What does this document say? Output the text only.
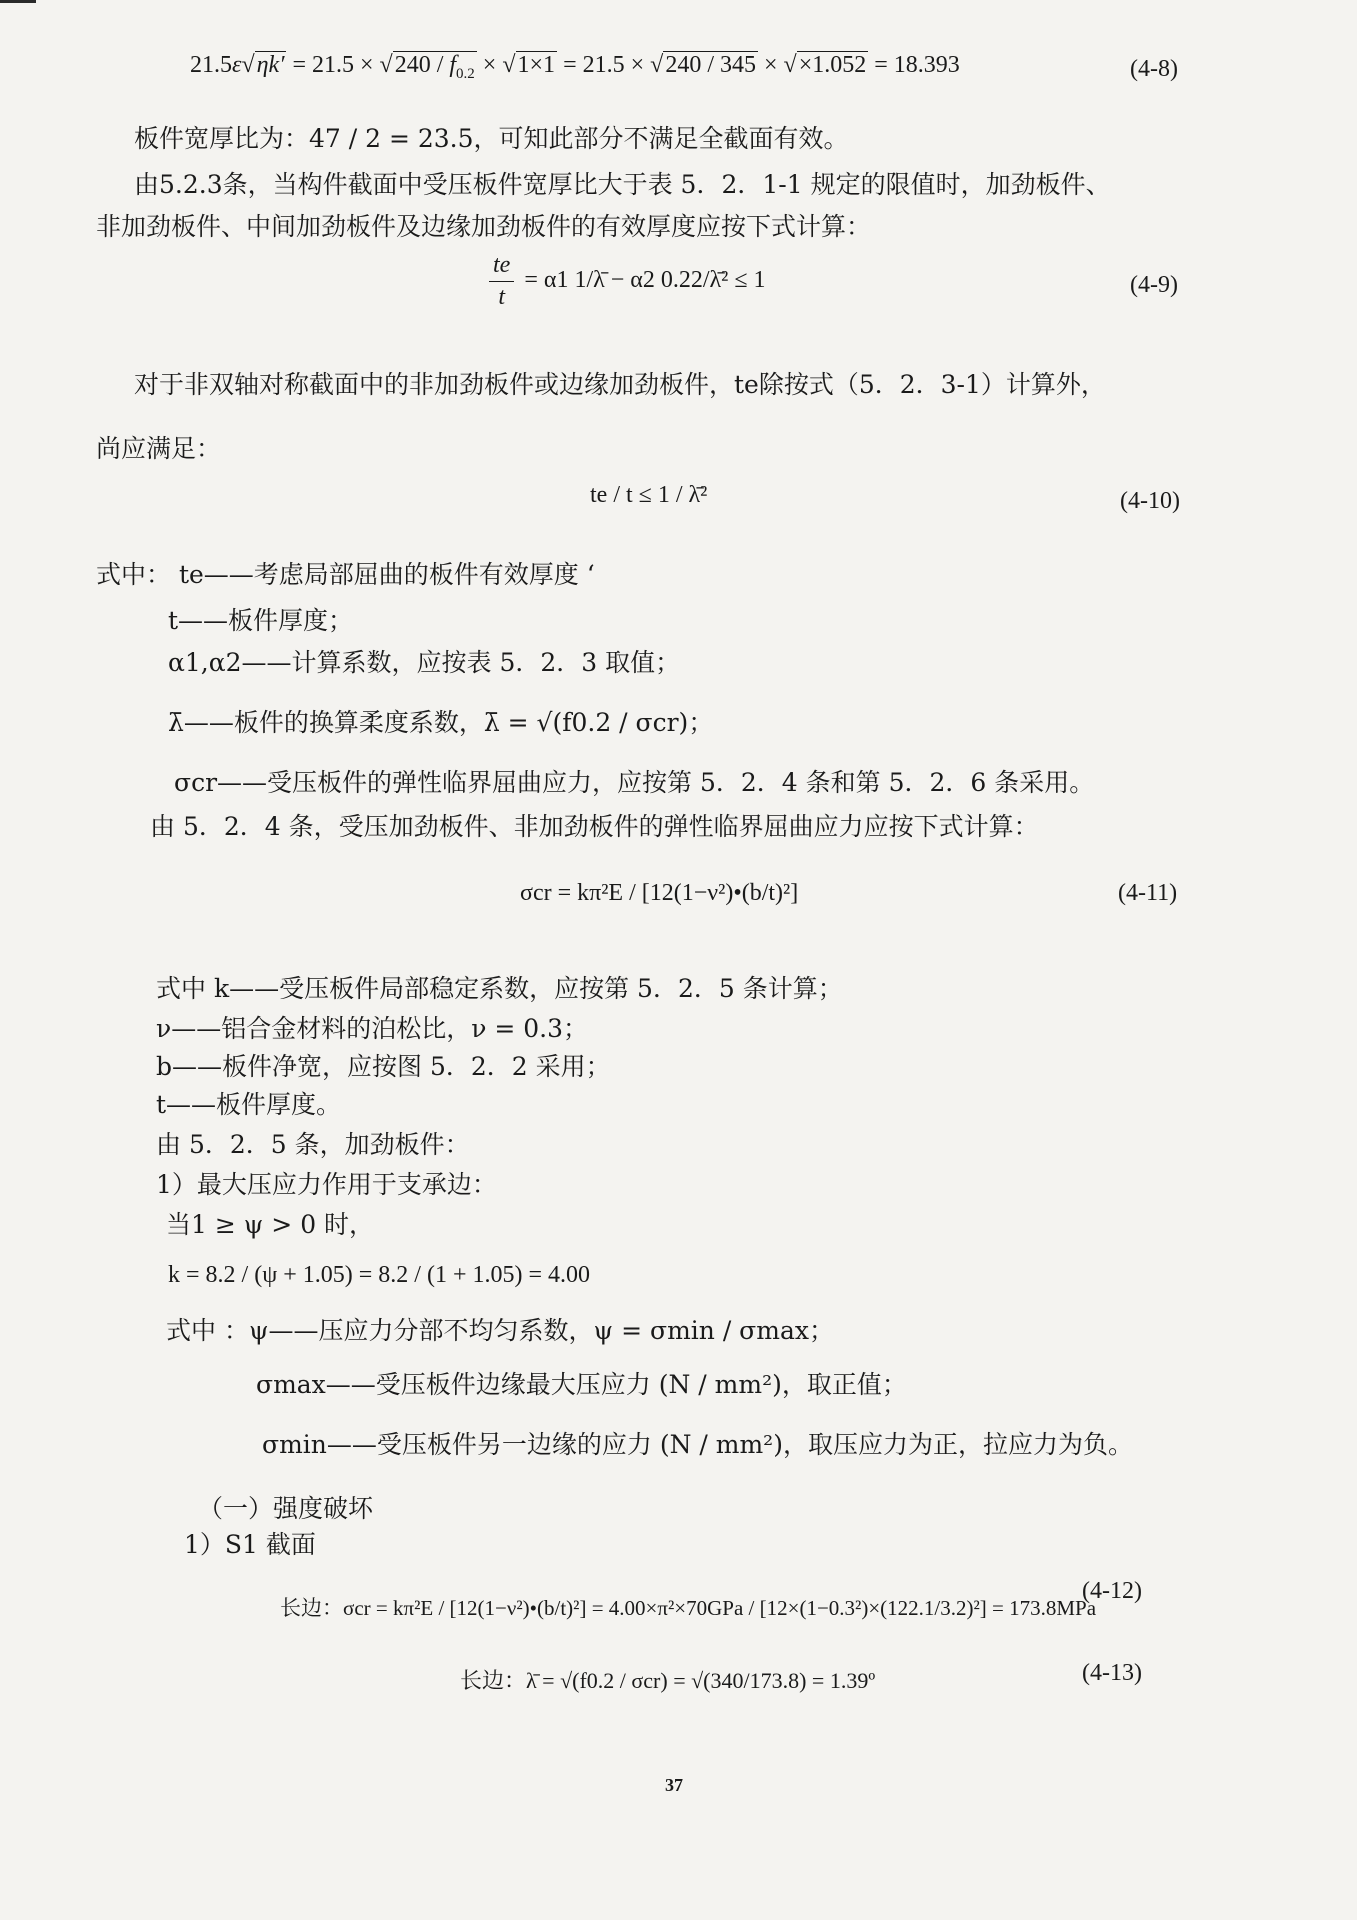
$21.5\varepsilon√\eta k' = 21.5 \times √240 / f_{0.2} \times √1\times 1 = 21.5 \times √240 / 345 \times √\times 1.052 = 18.393$	(4-8)
板件宽厚比为：47 / 2 = 23.5，可知此部分不满足全截面有效。
由5.2.3条，当构件截面中受压板件宽厚比大于表 5．2．1-1 规定的限值时，加劲板件、
非加劲板件、中间加劲板件及边缘加劲板件的有效厚度应按下式计算：
$\frac{te}{t} = \alpha 1$ 1/λ̄ − α2 0.22/λ̄² ≤ 1	(4-9)
对于非双轴对称截面中的非加劲板件或边缘加劲板件，te除按式（5．2．3-1）计算外，
尚应满足：
te / t ≤ 1 / λ̄²	(4-10)
式中： te——考虑局部屈曲的板件有效厚度 ‘
t——板件厚度；
α1,α2——计算系数，应按表 5．2．3 取值；
λ̄——板件的换算柔度系数，λ̄ = √(f0.2 / σcr)；
σcr——受压板件的弹性临界屈曲应力，应按第 5．2．4 条和第 5．2．6 条采用。
由 5．2．4 条，受压加劲板件、非加劲板件的弹性临界屈曲应力应按下式计算：
σcr = kπ²E / [12(1−ν²)•(b/t)²]	(4-11)
式中 k——受压板件局部稳定系数，应按第 5．2．5 条计算；
ν——铝合金材料的泊松比，ν = 0.3；
b——板件净宽，应按图 5．2．2 采用；
t——板件厚度。
由 5．2．5 条，加劲板件：
1）最大压应力作用于支承边：
当1 ≥ ψ > 0 时，
k = 8.2 / (ψ + 1.05) = 8.2 / (1 + 1.05) = 4.00
式中 ：ψ——压应力分部不均匀系数，ψ = σmin / σmax；
σmax——受压板件边缘最大压应力 (N / mm²)，取正值；
σmin——受压板件另一边缘的应力 (N / mm²)，取压应力为正，拉应力为负。
（一）强度破坏
1）S1 截面
长边：σcr = kπ²E / [12(1−ν²)•(b/t)²] = 4.00×π²×70GPa / [12×(1−0.3²)×(122.1/3.2)²] = 173.8MPa
(4-12)
长边：λ̄ = √(f0.2 / σcr) = √(340/173.8) = 1.39º	(4-13)
37
